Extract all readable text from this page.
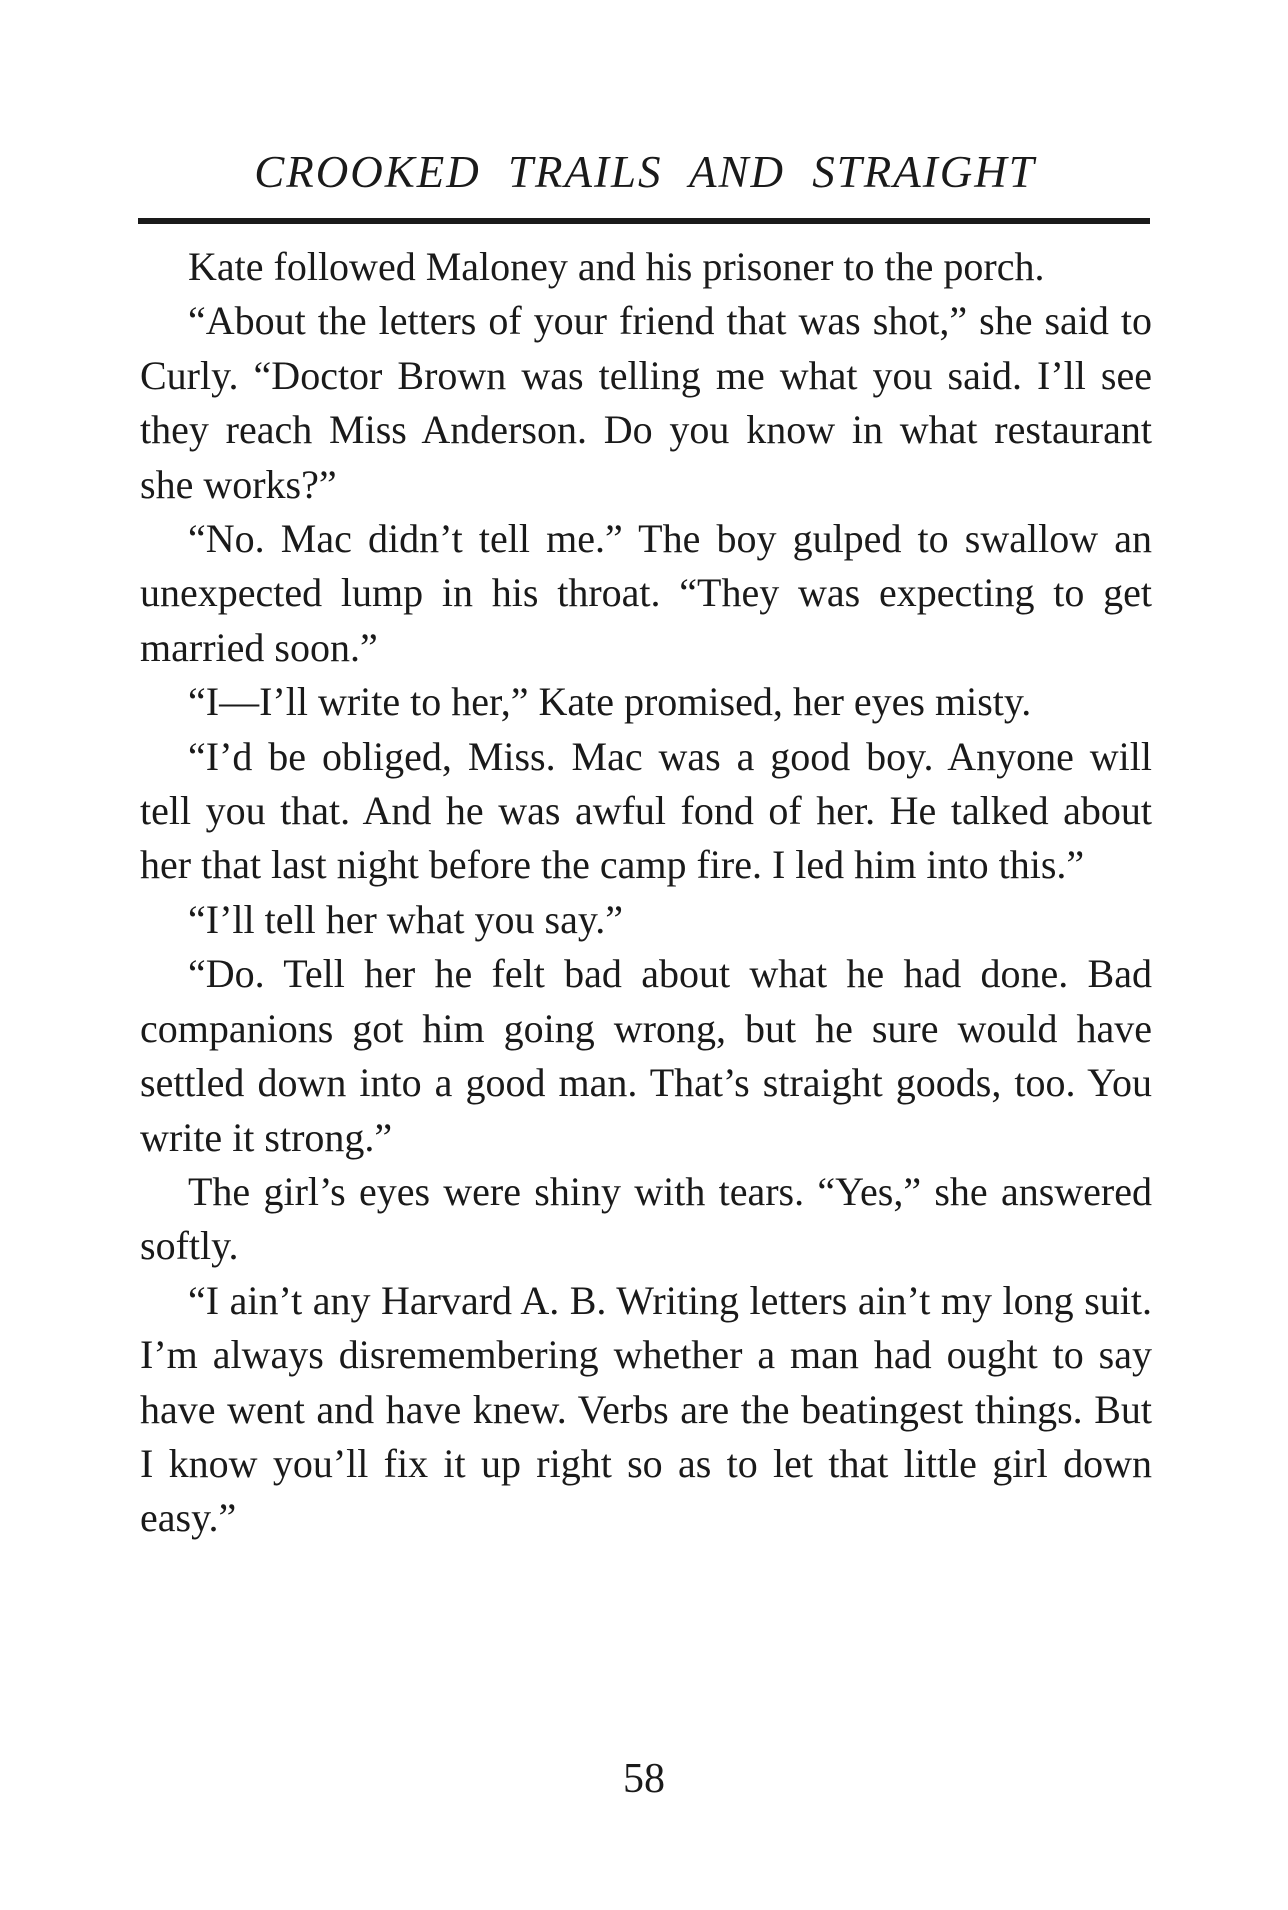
CROOKED TRAILS AND STRAIGHT

Kate followed Maloney and his prisoner to the porch.

“About the letters of your friend that was shot,” she said to Curly. “Doctor Brown was telling me what you said. I’ll see they reach Miss Anderson. Do you know in what restaurant she works?”

“No. Mac didn’t tell me.” The boy gulped to swallow an unexpected lump in his throat. “They was expecting to get married soon.”

“I—I’ll write to her,” Kate promised, her eyes misty.

“I’d be obliged, Miss. Mac was a good boy. Anyone will tell you that. And he was awful fond of her. He talked about her that last night before the camp fire. I led him into this.”

“I’ll tell her what you say.”

“Do. Tell her he felt bad about what he had done. Bad companions got him going wrong, but he sure would have settled down into a good man. That’s straight goods, too. You write it strong.”

The girl’s eyes were shiny with tears. “Yes,” she answered softly.

“I ain’t any Harvard A. B. Writing letters ain’t my long suit. I’m always disremembering whether a man had ought to say have went and have knew. Verbs are the beatingest things. But I know you’ll fix it up right so as to let that little girl down easy.”

58
